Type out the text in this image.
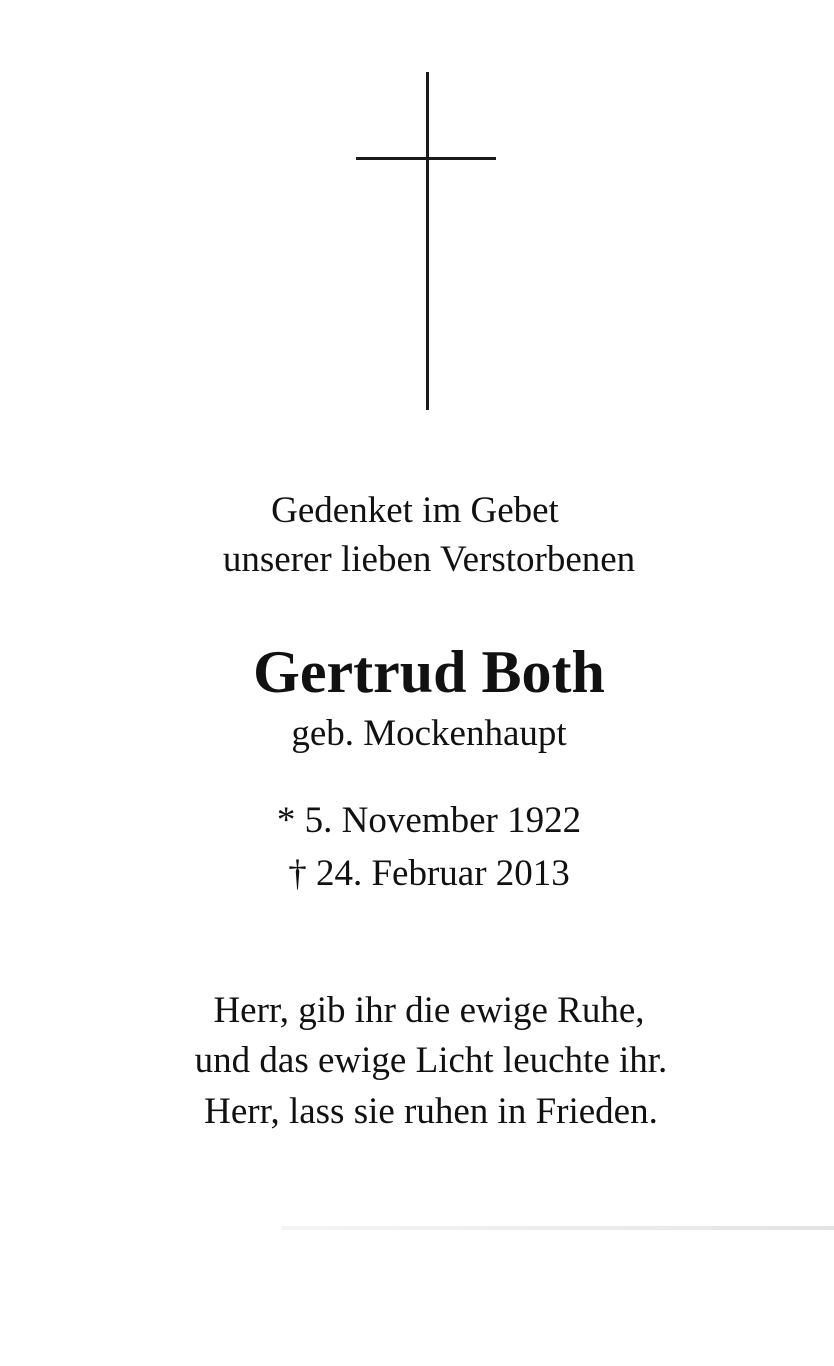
Gedenket im Gebet
unserer lieben Verstorbenen
Gertrud Both
geb. Mockenhaupt
* 5. November 1922
† 24. Februar 2013
Herr, gib ihr die ewige Ruhe,
und das ewige Licht leuchte ihr.
Herr, lass sie ruhen in Frieden.
